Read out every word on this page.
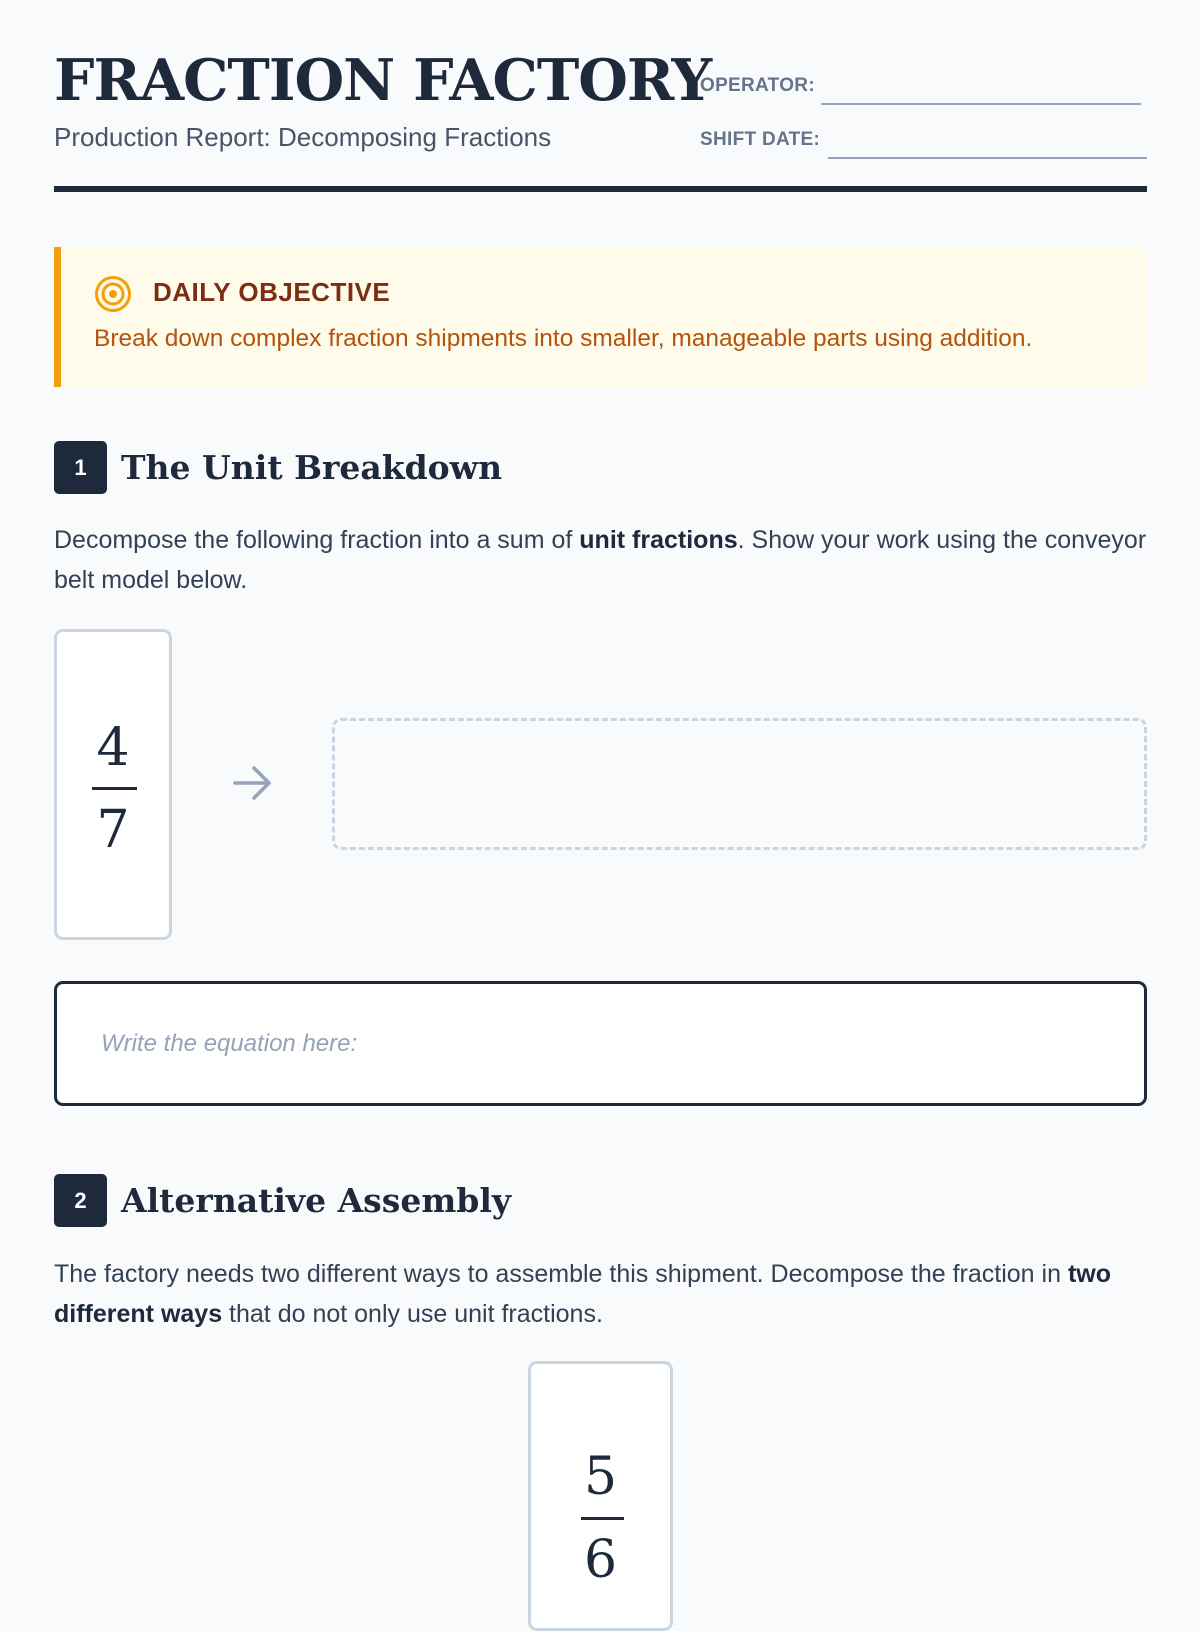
FRACTION FACTORY
Production Report: Decomposing Fractions
OPERATOR:
SHIFT DATE:
DAILY OBJECTIVE
Break down complex fraction shipments into smaller, manageable parts using addition.
1	The Unit Breakdown
Decompose the following fraction into a sum of unit fractions. Show your work using the conveyor belt model below.
4
7
Write the equation here:
2	Alternative Assembly
The factory needs two different ways to assemble this shipment. Decompose the fraction in two different ways that do not only use unit fractions.
5
6
